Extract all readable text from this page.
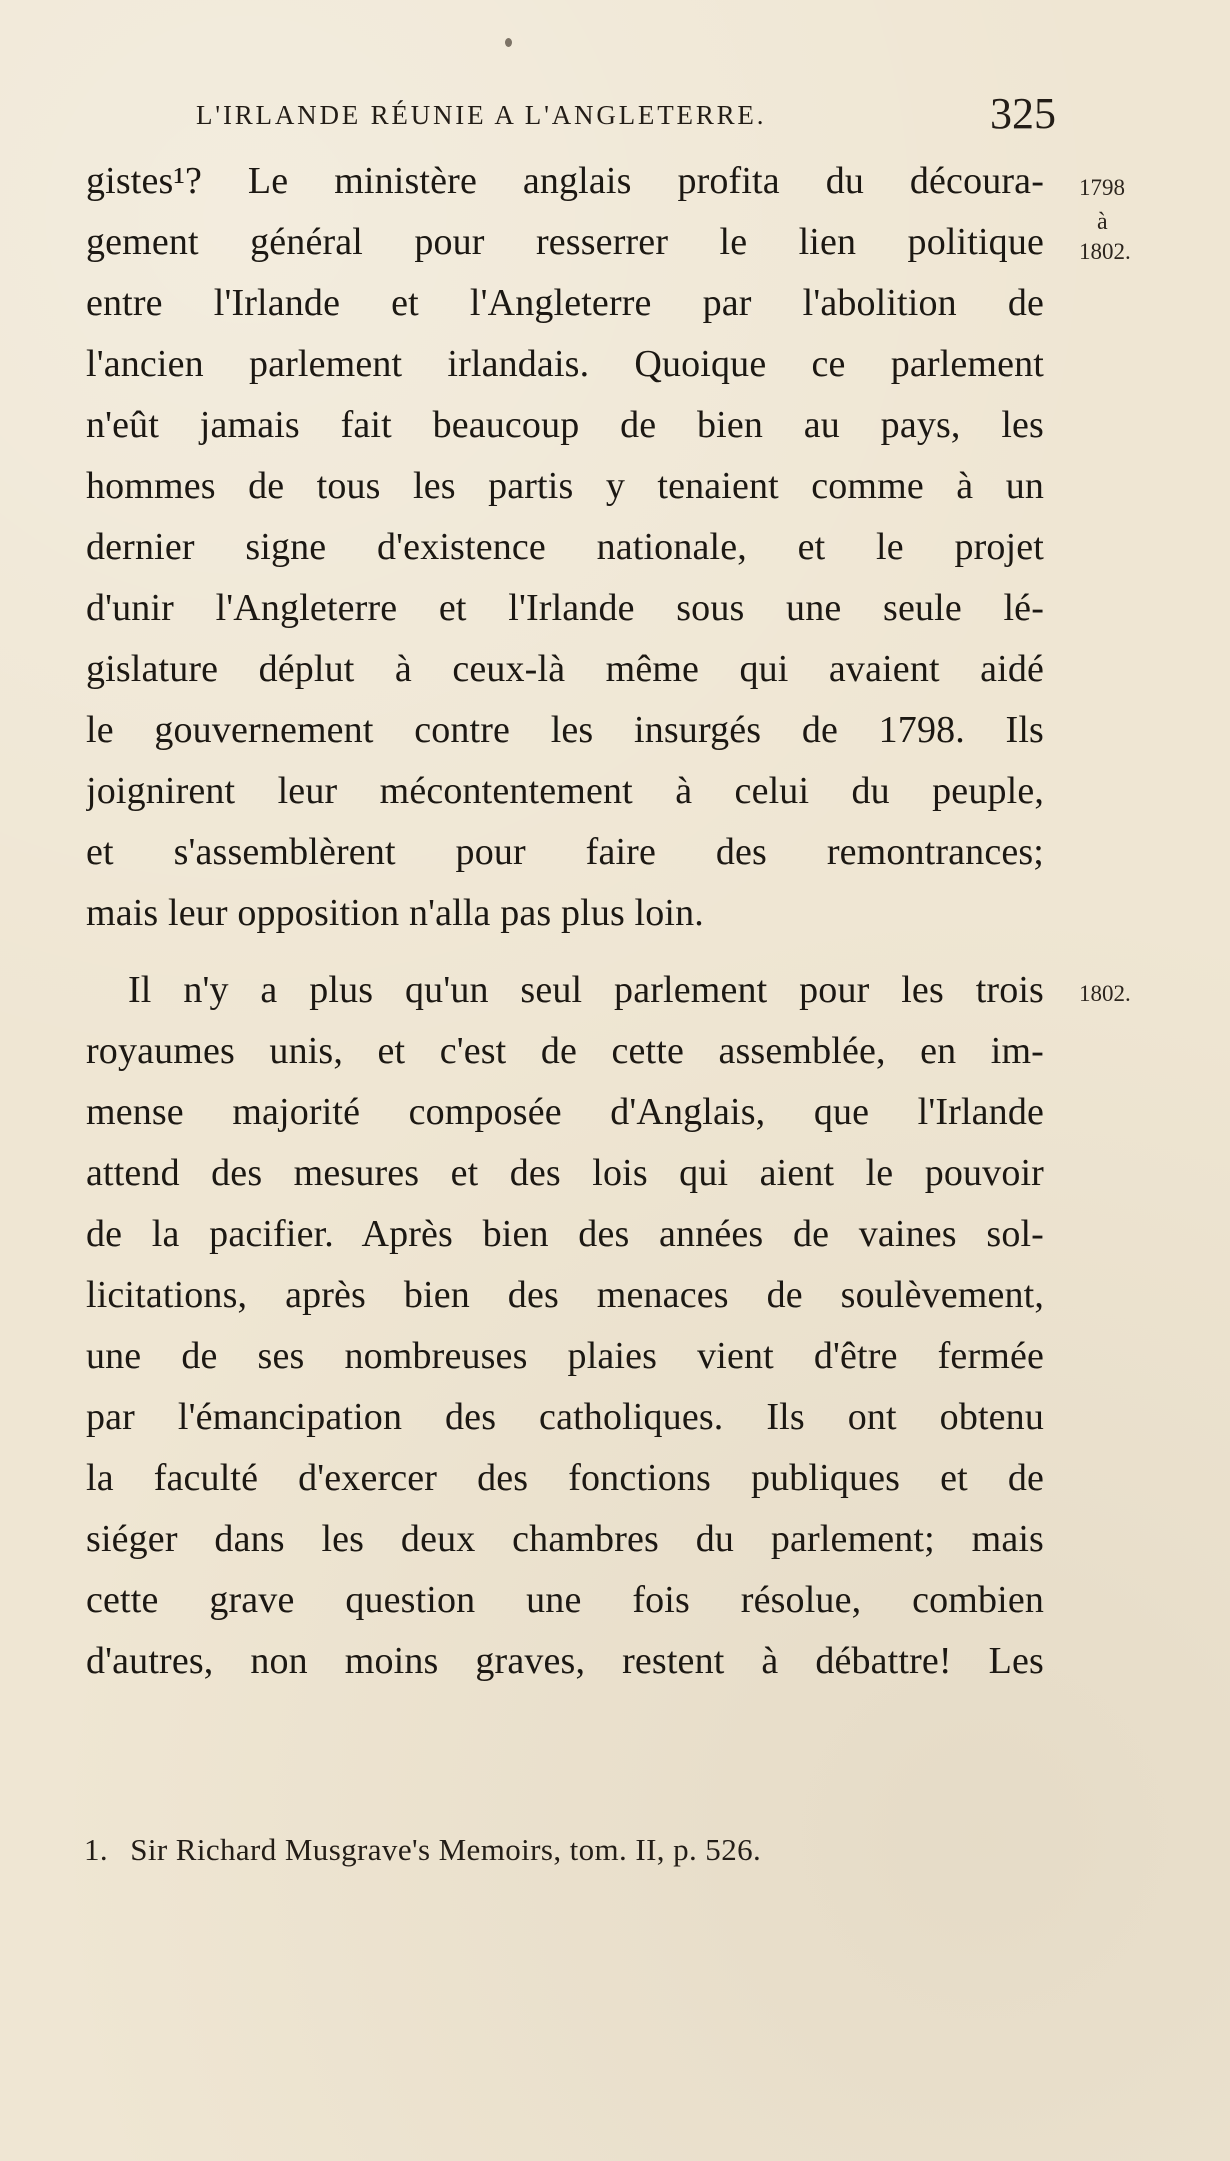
L'IRLANDE RÉUNIE A L'ANGLETERRE.	325
1798
à
1802.
1802.
gistes¹? Le ministère anglais profita du découra-
gement général pour resserrer le lien politique
entre l'Irlande et l'Angleterre par l'abolition de
l'ancien parlement irlandais. Quoique ce parlement
n'eût jamais fait beaucoup de bien au pays, les
hommes de tous les partis y tenaient comme à un
dernier signe d'existence nationale, et le projet
d'unir l'Angleterre et l'Irlande sous une seule lé-
gislature déplut à ceux-là même qui avaient aidé
le gouvernement contre les insurgés de 1798. Ils
joignirent leur mécontentement à celui du peuple,
et s'assemblèrent pour faire des remontrances;
mais leur opposition n'alla pas plus loin.
Il n'y a plus qu'un seul parlement pour les trois
royaumes unis, et c'est de cette assemblée, en im-
mense majorité composée d'Anglais, que l'Irlande
attend des mesures et des lois qui aient le pouvoir
de la pacifier. Après bien des années de vaines sol-
licitations, après bien des menaces de soulèvement,
une de ses nombreuses plaies vient d'être fermée
par l'émancipation des catholiques. Ils ont obtenu
la faculté d'exercer des fonctions publiques et de
siéger dans les deux chambres du parlement; mais
cette grave question une fois résolue, combien
d'autres, non moins graves, restent à débattre! Les
1. Sir Richard Musgrave's Memoirs, tom. II, p. 526.
